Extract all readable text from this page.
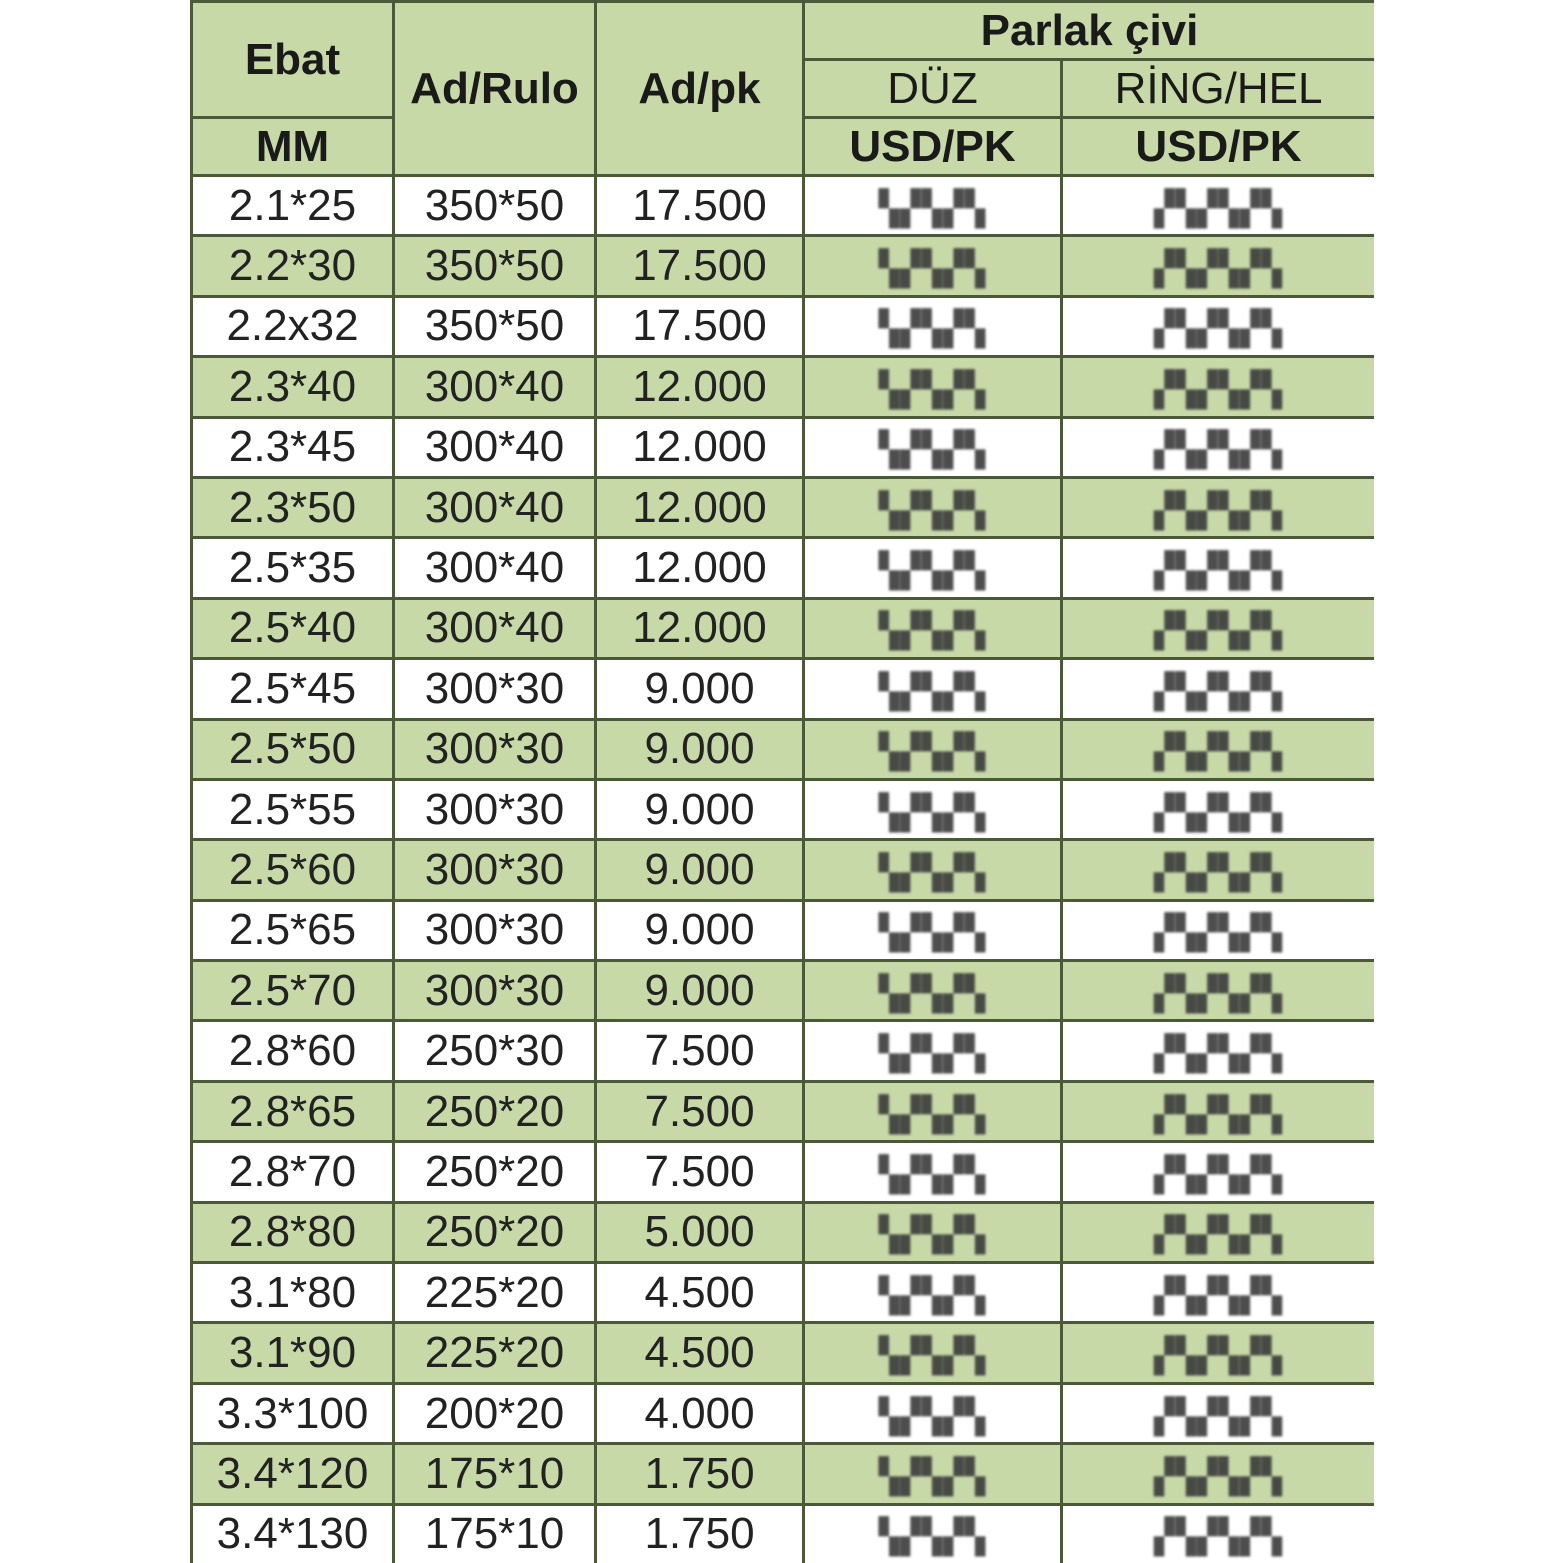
Ebat	Ad/Rulo	Ad/pk	Parlak çivi	
			DÜZ	RİNG/HEL
MM			USD/PK	USD/PK
2.1*25	350*50	17.500	▚▞▚▞▚	▞▚▞▚▞▚
2.2*30	350*50	17.500	▚▞▚▞▚	▞▚▞▚▞▚
2.2x32	350*50	17.500	▚▞▚▞▚	▞▚▞▚▞▚
2.3*40	300*40	12.000	▚▞▚▞▚	▞▚▞▚▞▚
2.3*45	300*40	12.000	▚▞▚▞▚	▞▚▞▚▞▚
2.3*50	300*40	12.000	▚▞▚▞▚	▞▚▞▚▞▚
2.5*35	300*40	12.000	▚▞▚▞▚	▞▚▞▚▞▚
2.5*40	300*40	12.000	▚▞▚▞▚	▞▚▞▚▞▚
2.5*45	300*30	9.000	▚▞▚▞▚	▞▚▞▚▞▚
2.5*50	300*30	9.000	▚▞▚▞▚	▞▚▞▚▞▚
2.5*55	300*30	9.000	▚▞▚▞▚	▞▚▞▚▞▚
2.5*60	300*30	9.000	▚▞▚▞▚	▞▚▞▚▞▚
2.5*65	300*30	9.000	▚▞▚▞▚	▞▚▞▚▞▚
2.5*70	300*30	9.000	▚▞▚▞▚	▞▚▞▚▞▚
2.8*60	250*30	7.500	▚▞▚▞▚	▞▚▞▚▞▚
2.8*65	250*20	7.500	▚▞▚▞▚	▞▚▞▚▞▚
2.8*70	250*20	7.500	▚▞▚▞▚	▞▚▞▚▞▚
2.8*80	250*20	5.000	▚▞▚▞▚	▞▚▞▚▞▚
3.1*80	225*20	4.500	▚▞▚▞▚	▞▚▞▚▞▚
3.1*90	225*20	4.500	▚▞▚▞▚	▞▚▞▚▞▚
3.3*100	200*20	4.000	▚▞▚▞▚	▞▚▞▚▞▚
3.4*120	175*10	1.750	▚▞▚▞▚	▞▚▞▚▞▚
3.4*130	175*10	1.750	▚▞▚▞▚	▞▚▞▚▞▚
